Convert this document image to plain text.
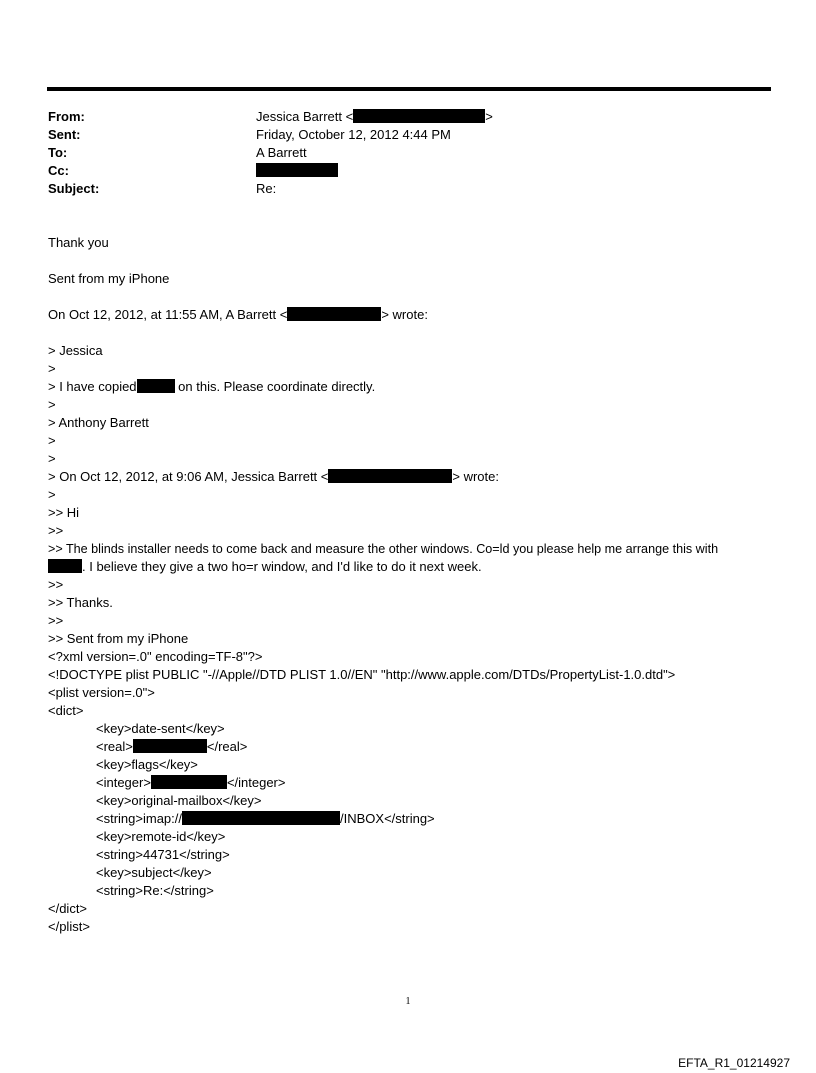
From:	Jessica Barrett <	>
Sent:	Friday, October 12, 2012 4:44 PM
To:	A Barrett
Cc:
Subject:	Re:
Thank you
Sent from my iPhone
On Oct 12, 2012, at 11:55 AM, A Barrett <	> wrote:
> Jessica
>
> I have copied	on this. Please coordinate directly.
>
> Anthony Barrett
>
>
> On Oct 12, 2012, at 9:06 AM, Jessica Barrett <	> wrote:
>
>> Hi
>>
>> The blinds installer needs to come back and measure the other windows. Co=ld you please help me arrange this with
. I believe they give a two ho=r window, and I'd like to do it next week.
>>
>> Thanks.
>>
>> Sent from my iPhone
<?xml version=.0" encoding=TF-8"?>
<!DOCTYPE plist PUBLIC "-//Apple//DTD PLIST 1.0//EN" "http://www.apple.com/DTDs/PropertyList-1.0.dtd">
<plist version=.0">
<dict>
<key>date-sent</key>
<real>	</real>
<key>flags</key>
<integer>	</integer>
<key>original-mailbox</key>
<string>imap://	/INBOX</string>
<key>remote-id</key>
<string>44731</string>
<key>subject</key>
<string>Re:</string>
</dict>
</plist>
1
EFTA_R1_01214927
